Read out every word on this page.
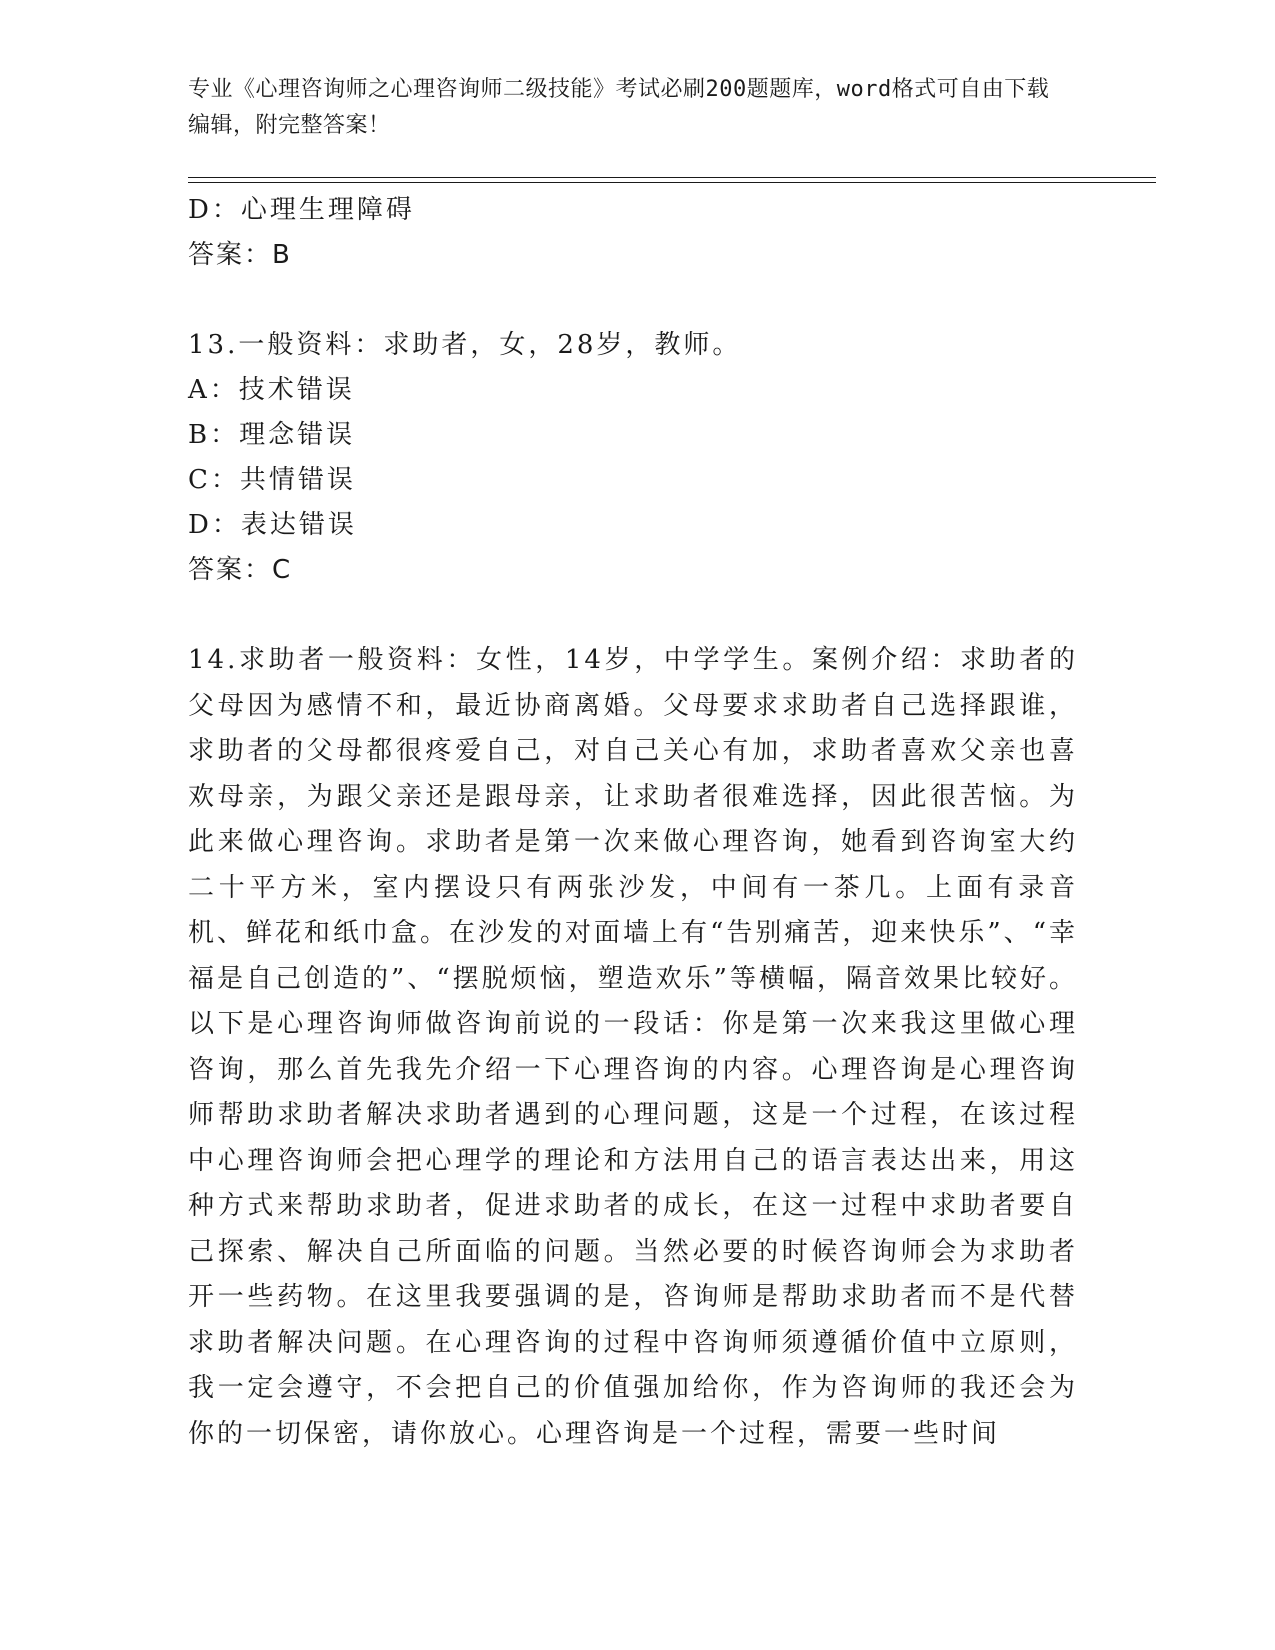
专业《心理咨询师之心理咨询师二级技能》考试必刷200题题库，word格式可自由下载编辑，附完整答案！
D：心理生理障碍
答案：B
13.一般资料：求助者，女，28岁，教师。
A：技术错误
B：理念错误
C：共情错误
D：表达错误
答案：C
14.求助者一般资料：女性，14岁，中学学生。案例介绍：求助者的父母因为感情不和，最近协商离婚。父母要求求助者自己选择跟谁，求助者的父母都很疼爱自己，对自己关心有加，求助者喜欢父亲也喜欢母亲，为跟父亲还是跟母亲，让求助者很难选择，因此很苦恼。为此来做心理咨询。求助者是第一次来做心理咨询，她看到咨询室大约二十平方米，室内摆设只有两张沙发，中间有一茶几。上面有录音机、鲜花和纸巾盒。在沙发的对面墙上有“告别痛苦，迎来快乐”、“幸福是自己创造的”、“摆脱烦恼，塑造欢乐”等横幅，隔音效果比较好。以下是心理咨询师做咨询前说的一段话：你是第一次来我这里做心理咨询，那么首先我先介绍一下心理咨询的内容。心理咨询是心理咨询师帮助求助者解决求助者遇到的心理问题，这是一个过程，在该过程中心理咨询师会把心理学的理论和方法用自己的语言表达出来，用这种方式来帮助求助者，促进求助者的成长，在这一过程中求助者要自己探索、解决自己所面临的问题。当然必要的时候咨询师会为求助者开一些药物。在这里我要强调的是，咨询师是帮助求助者而不是代替求助者解决问题。在心理咨询的过程中咨询师须遵循价值中立原则，我一定会遵守，不会把自己的价值强加给你，作为咨询师的我还会为你的一切保密，请你放心。心理咨询是一个过程，需要一些时间
